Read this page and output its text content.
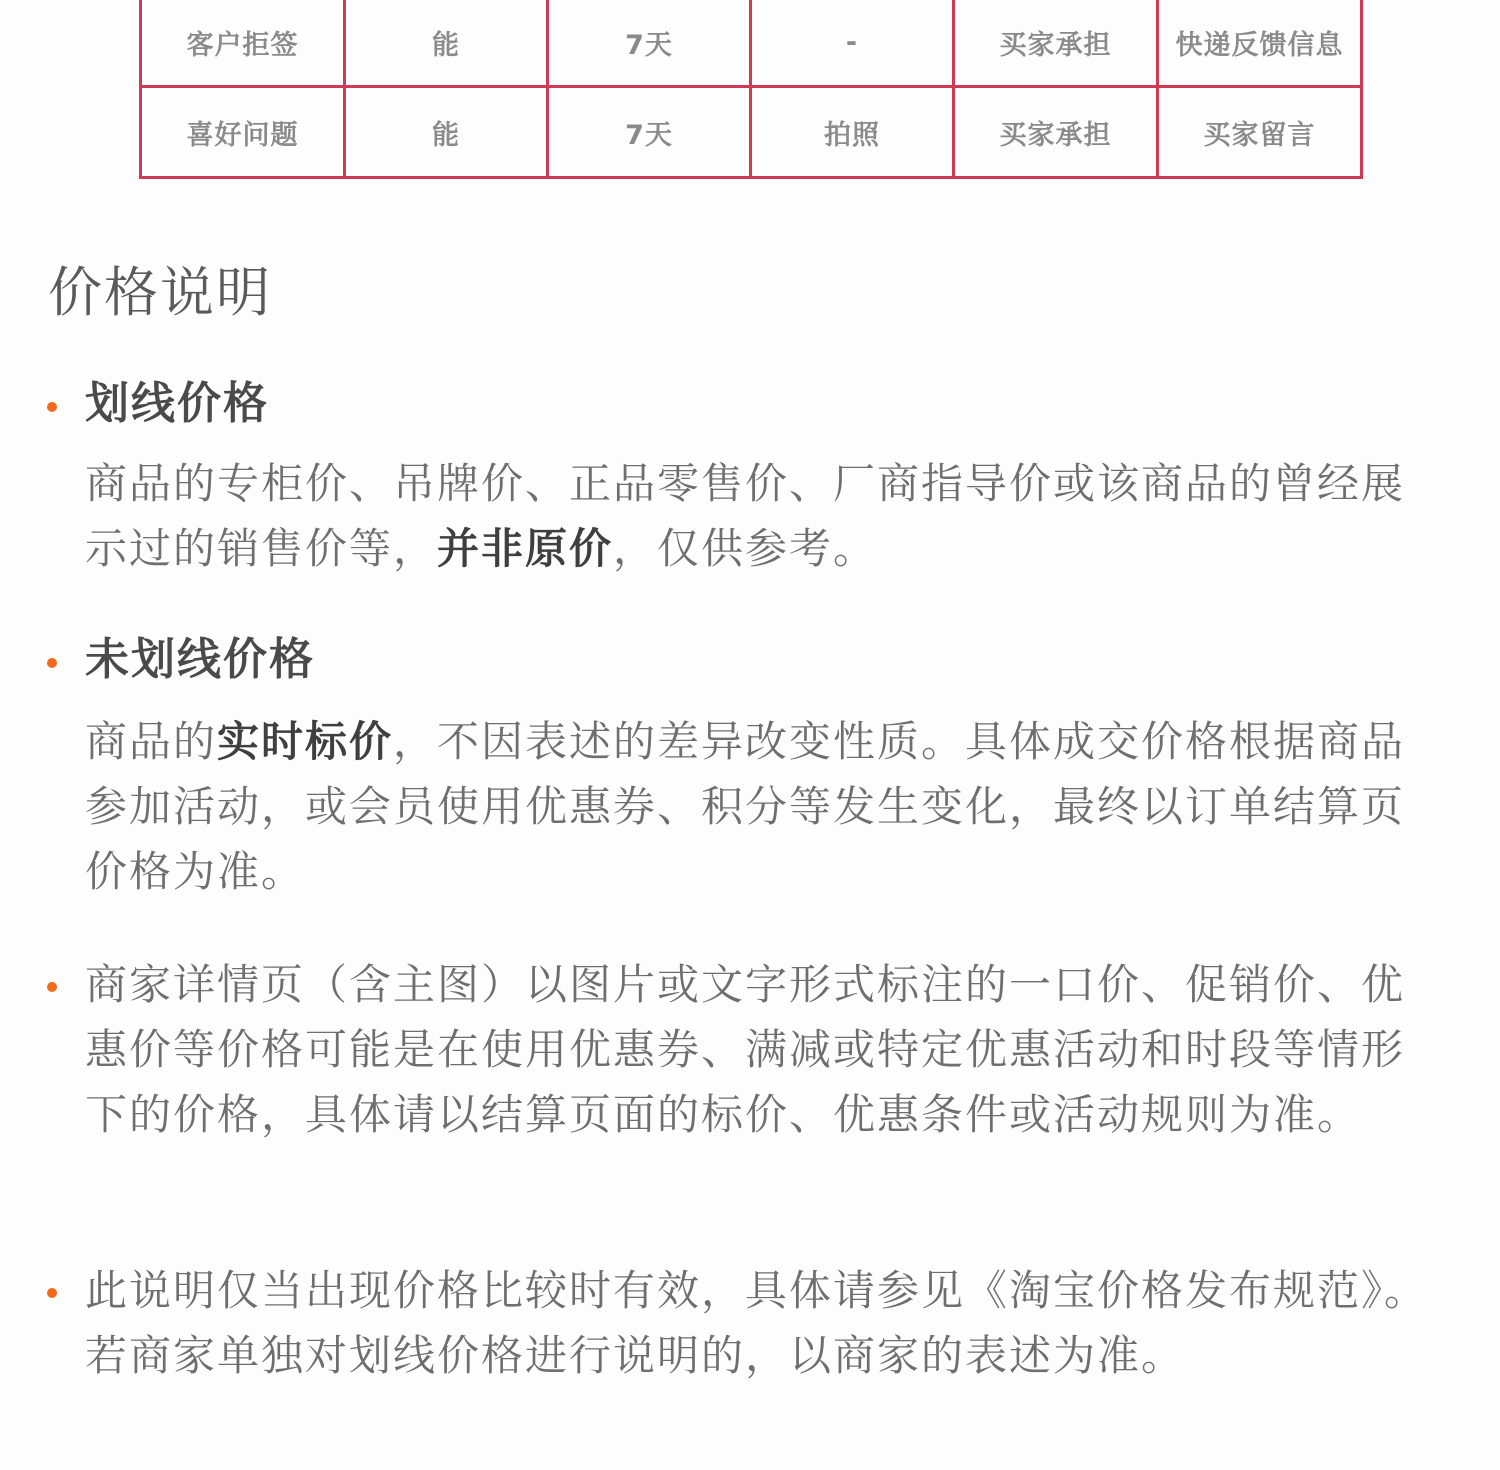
客户拒签	能	7天	-	买家承担	快递反馈信息
喜好问题	能	7天	拍照	买家承担	买家留言
价格说明
划线价格

商品的专柜价、吊牌价、正品零售价、厂商指导价或该商品的曾经展示过的销售价等，并非原价，仅供参考。

未划线价格

商品的实时标价，不因表述的差异改变性质。具体成交价格根据商品参加活动，或会员使用优惠券、积分等发生变化，最终以订单结算页价格为准。

商家详情页（含主图）以图片或文字形式标注的一口价、促销价、优惠价等价格可能是在使用优惠券、满减或特定优惠活动和时段等情形下的价格，具体请以结算页面的标价、优惠条件或活动规则为准。

此说明仅当出现价格比较时有效，具体请参见《淘宝价格发布规范》。若商家单独对划线价格进行说明的，以商家的表述为准。
